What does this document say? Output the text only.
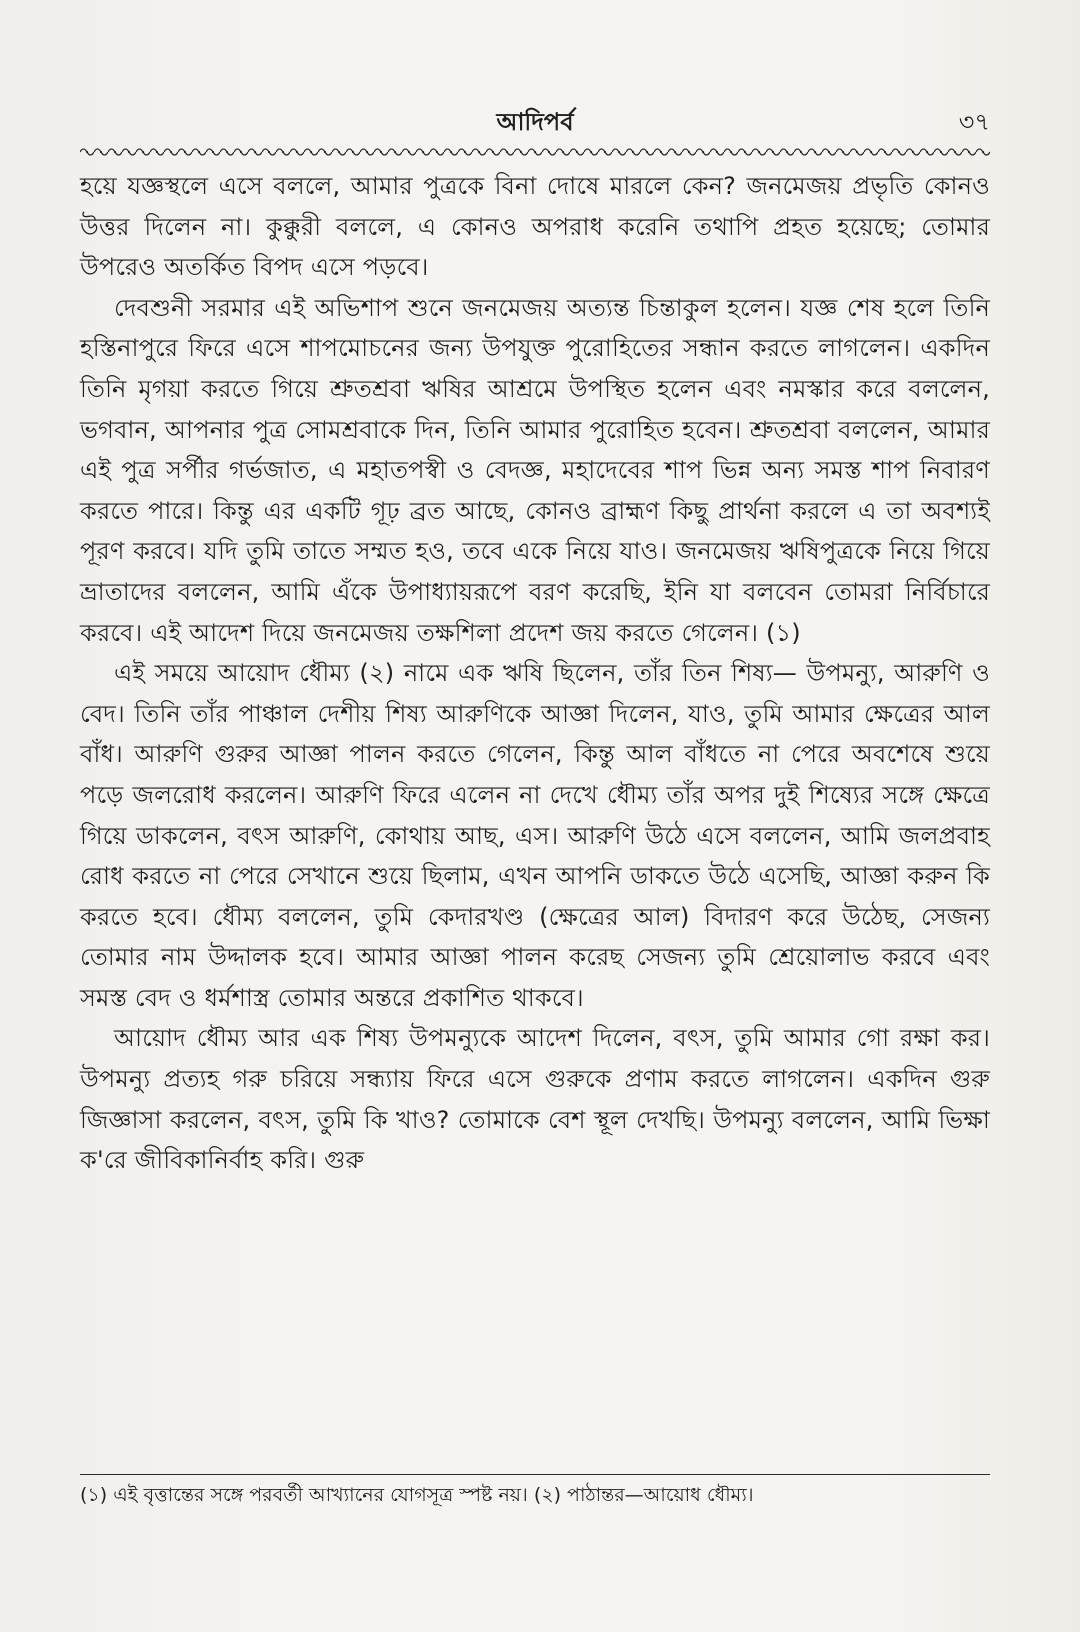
আদিপর্ব	৩৭

হয়ে যজ্ঞস্থলে এসে বললে, আমার পুত্রকে বিনা দোষে মারলে কেন? জনমেজয় প্রভৃতি কোনও উত্তর দিলেন না। কুক্কুরী বললে, এ কোনও অপরাধ করেনি তথাপি প্রহত হয়েছে; তোমার উপরেও অতর্কিত বিপদ এসে পড়বে।

দেবশুনী সরমার এই অভিশাপ শুনে জনমেজয় অত্যন্ত চিন্তাকুল হলেন। যজ্ঞ শেষ হলে তিনি হস্তিনাপুরে ফিরে এসে শাপমোচনের জন্য উপযুক্ত পুরোহিতের সন্ধান করতে লাগলেন। একদিন তিনি মৃগয়া করতে গিয়ে শ্রুতশ্রবা ঋষির আশ্রমে উপস্থিত হলেন এবং নমস্কার করে বললেন, ভগবান, আপনার পুত্র সোমশ্রবাকে দিন, তিনি আমার পুরোহিত হবেন। শ্রুতশ্রবা বললেন, আমার এই পুত্র সর্পীর গর্ভজাত, এ মহাতপস্বী ও বেদজ্ঞ, মহাদেবের শাপ ভিন্ন অন্য সমস্ত শাপ নিবারণ করতে পারে। কিন্তু এর একটি গূঢ় ব্রত আছে, কোনও ব্রাহ্মণ কিছু প্রার্থনা করলে এ তা অবশ্যই পূরণ করবে। যদি তুমি তাতে সম্মত হও, তবে একে নিয়ে যাও। জনমেজয় ঋষিপুত্রকে নিয়ে গিয়ে ভ্রাতাদের বললেন, আমি এঁকে উপাধ্যায়রূপে বরণ করেছি, ইনি যা বলবেন তোমরা নির্বিচারে করবে। এই আদেশ দিয়ে জনমেজয় তক্ষশিলা প্রদেশ জয় করতে গেলেন। (১)

এই সময়ে আয়োদ ধৌম্য (২) নামে এক ঋষি ছিলেন, তাঁর তিন শিষ্য— উপমন্যু, আরুণি ও বেদ। তিনি তাঁর পাঞ্চাল দেশীয় শিষ্য আরুণিকে আজ্ঞা দিলেন, যাও, তুমি আমার ক্ষেত্রের আল বাঁধ। আরুণি গুরুর আজ্ঞা পালন করতে গেলেন, কিন্তু আল বাঁধতে না পেরে অবশেষে শুয়ে পড়ে জলরোধ করলেন। আরুণি ফিরে এলেন না দেখে ধৌম্য তাঁর অপর দুই শিষ্যের সঙ্গে ক্ষেত্রে গিয়ে ডাকলেন, বৎস আরুণি, কোথায় আছ, এস। আরুণি উঠে এসে বললেন, আমি জলপ্রবাহ রোধ করতে না পেরে সেখানে শুয়ে ছিলাম, এখন আপনি ডাকতে উঠে এসেছি, আজ্ঞা করুন কি করতে হবে। ধৌম্য বললেন, তুমি কেদারখণ্ড (ক্ষেত্রের আল) বিদারণ করে উঠেছ, সেজন্য তোমার নাম উদ্দালক হবে। আমার আজ্ঞা পালন করেছ সেজন্য তুমি শ্রেয়োলাভ করবে এবং সমস্ত বেদ ও ধর্মশাস্ত্র তোমার অন্তরে প্রকাশিত থাকবে।

আয়োদ ধৌম্য আর এক শিষ্য উপমন্যুকে আদেশ দিলেন, বৎস, তুমি আমার গো রক্ষা কর। উপমন্যু প্রত্যহ গরু চরিয়ে সন্ধ্যায় ফিরে এসে গুরুকে প্রণাম করতে লাগলেন। একদিন গুরু জিজ্ঞাসা করলেন, বৎস, তুমি কি খাও? তোমাকে বেশ স্থূল দেখছি। উপমন্যু বললেন, আমি ভিক্ষা ক'রে জীবিকানির্বাহ করি। গুরু

(১) এই বৃত্তান্তের সঙ্গে পরবর্তী আখ্যানের যোগসূত্র স্পষ্ট নয়। (২) পাঠান্তর—আয়োধ ধৌম্য।
